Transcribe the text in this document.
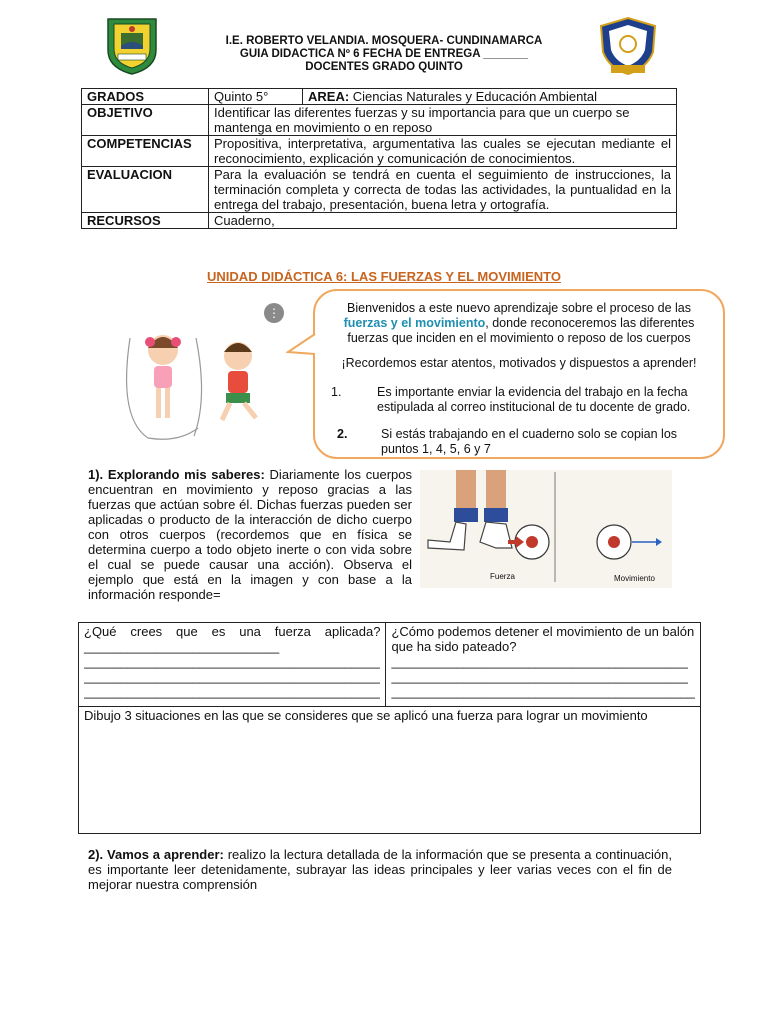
I.E. ROBERTO VELANDIA. MOSQUERA- CUNDINAMARCA
GUIA DIDACTICA Nº 6 FECHA DE ENTREGA _______
DOCENTES GRADO QUINTO
GRADOS	Quinto 5° AREA: Ciencias Naturales y Educación Ambiental

OBJETIVO	Identificar las diferentes fuerzas y su importancia para que un cuerpo se mantenga en movimiento o en reposo
COMPETENCIAS	Propositiva, interpretativa, argumentativa las cuales se ejecutan mediante el reconocimiento, explicación y comunicación de conocimientos.
EVALUACION	Para la evaluación se tendrá en cuenta el seguimiento de instrucciones, la terminación completa y correcta de todas las actividades, la puntualidad en la entrega del trabajo, presentación, buena letra y ortografía.
RECURSOS	Cuaderno,
UNIDAD DIDÁCTICA 6: LAS FUERZAS Y EL MOVIMIENTO
⋮	Bienvenidos a este nuevo aprendizaje sobre el proceso de las fuerzas y el movimiento, donde reconoceremos las diferentes fuerzas que inciden en el movimiento o reposo de los cuerpos
¡Recordemos estar atentos, motivados y dispuestos a aprender!
1.	Es importante enviar la evidencia del trabajo en la fecha estipulada al correo institucional de tu docente de grado.
2.	Si estás trabajando en el cuaderno solo se copian los puntos 1, 4, 5, 6 y 7
1). Explorando mis saberes: Diariamente los cuerpos encuentran en movimiento y reposo gracias a las fuerzas que actúan sobre él. Dichas fuerzas pueden ser aplicadas o producto de la interacción de dicho cuerpo con otros cuerpos (recordemos que en física se determina cuerpo a todo objeto inerte o con vida sobre el cual se puede causar una acción). Observa el ejemplo que está en la imagen y con base a la información responde=
Fuerza	Movimiento
¿Qué crees que es una fuerza aplicada?___________________________
_________________________________________
_________________________________________
_________________________________________

¿Cómo podemos detener el movimiento de un balón que ha sido pateado?
_________________________________________
_________________________________________
__________________________________________

Dibujo 3 situaciones en las que se consideres que se aplicó una fuerza para lograr un movimiento
2). Vamos a aprender: realizo la lectura detallada de la información que se presenta a continuación, es importante leer detenidamente, subrayar las ideas principales y leer varias veces con el fin de mejorar nuestra comprensión
